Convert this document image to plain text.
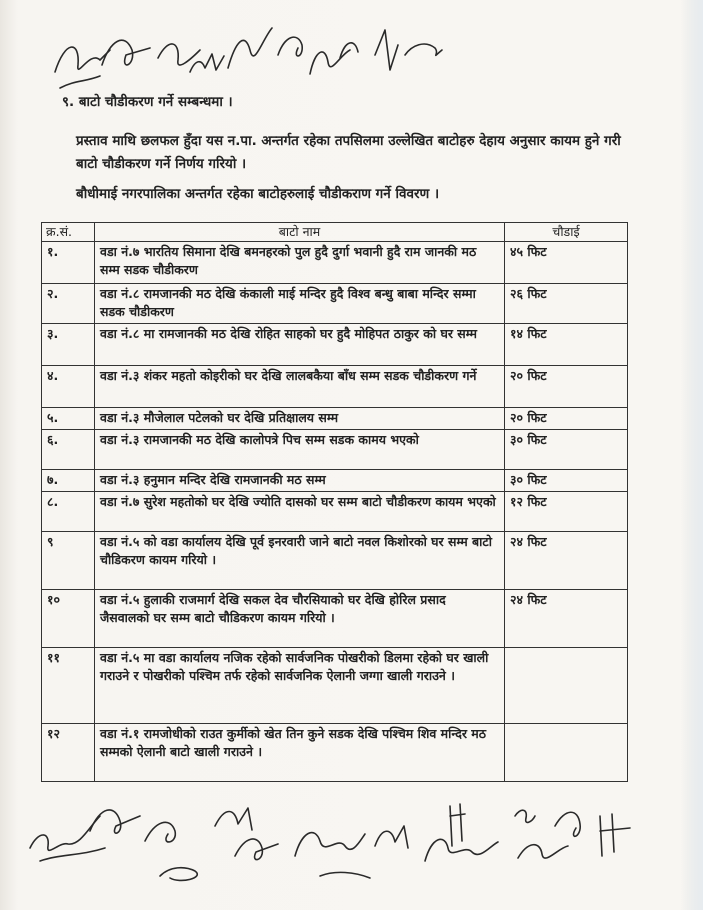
९. बाटो चौडीकरण गर्ने सम्बन्धमा ।
प्रस्ताव माथि छलफल हुँदा यस न.पा. अन्तर्गत रहेका तपसिलमा उल्लेखित बाटोहरु देहाय अनुसार कायम हुने गरी बाटो चौडीकरण गर्ने निर्णय गरियो ।
बौधीमाई नगरपालिका अन्तर्गत रहेका बाटोहरुलाई चौडीकराण गर्ने विवरण ।
क्र.सं.	बाटो नाम	चौडाई
१.	वडा नं.७ भारतिय सिमाना देखि बमनहरको पुल हुदै दुर्गा भवानी हुदै राम जानकी मठ सम्म सडक चौडीकरण	४५ फिट
२.	वडा नं.८ रामजानकी मठ देखि कंकाली माई मन्दिर हुदै विश्व बन्धु बाबा मन्दिर सम्मा सडक चौडीकरण	२६ फिट
३.	वडा नं.८ मा रामजानकी मठ देखि रोहित साहको घर हुदै मोहिपत ठाकुर को घर सम्म	१४ फिट
४.	वडा नं.३ शंकर महतो कोइरीको घर देखि लालबकैया बाँध सम्म सडक चौडीकरण गर्ने	२० फिट
५.	वडा नं.३ मौजेलाल पटेलको घर देखि प्रतिक्षालय सम्म	२० फिट
६.	वडा नं.३ रामजानकी मठ देखि कालोपत्रे पिच सम्म सडक कामय भएको	३० फिट
७.	वडा नं.३ हनुमान मन्दिर देखि रामजानकी मठ सम्म	३० फिट
८.	वडा नं.७ सुरेश महतोको घर देखि ज्योति दासको घर सम्म बाटो चौडीकरण कायम भएको	१२ फिट
९	वडा नं.५ को वडा कार्यालय देखि पूर्व इनरवारी जाने बाटो नवल किशोरको घर सम्म बाटो चौडिकरण कायम गरियो ।	२४ फिट
१०	वडा नं.५ हुलाकी राजमार्ग देखि सकल देव चौरसियाको घर देखि होरिल प्रसाद जैसवालको घर सम्म बाटो चौडिकरण कायम गरियो ।	२४ फिट
११	वडा नं.५ मा वडा कार्यालय नजिक रहेको सार्वजनिक पोखरीको डिलमा रहेको घर खाली गराउने र पोखरीको पश्चिम तर्फ रहेको सार्वजनिक ऐलानी जग्गा खाली गराउने ।	
१२	वडा नं.१ रामजोधीको राउत कुर्मीको खेत तिन कुने सडक देखि पश्चिम शिव मन्दिर मठ सम्मको ऐलानी बाटो खाली गराउने ।	
